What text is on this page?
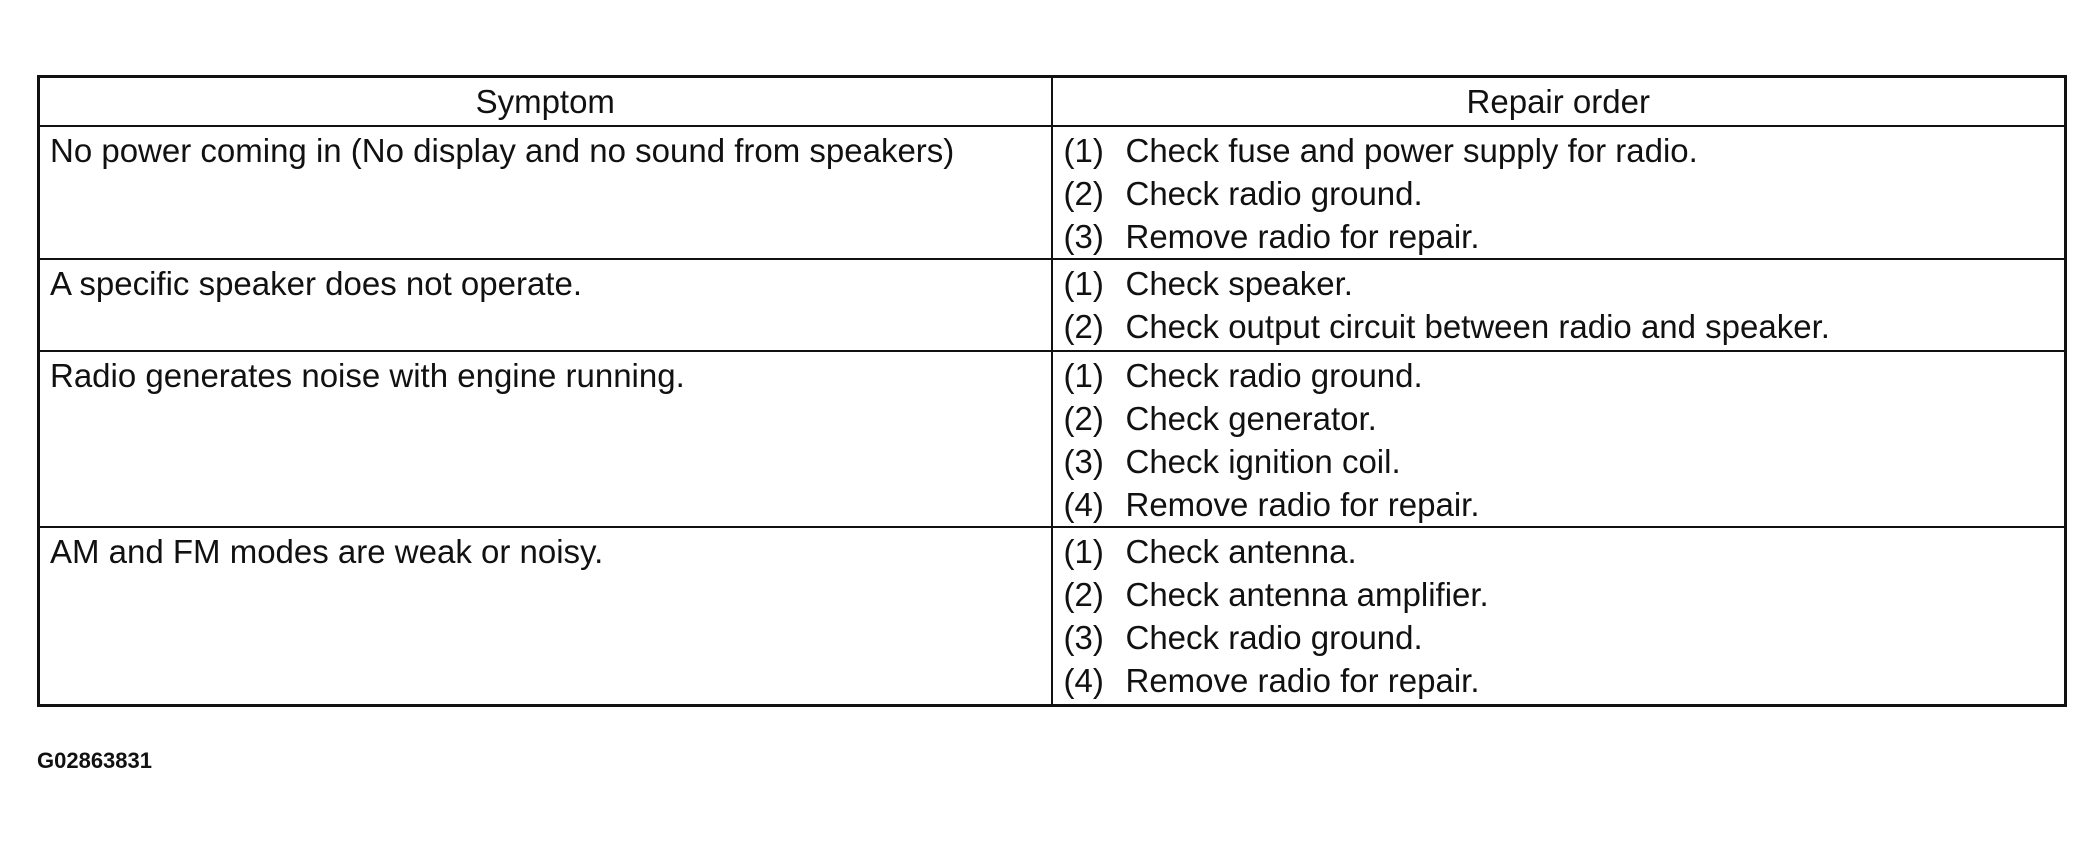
Symptom	Repair order
No power coming in (No display and no sound from speakers)	(1) Check fuse and power supply for radio.
(2) Check radio ground.
(3) Remove radio for repair.

A specific speaker does not operate.	(1) Check speaker.
(2) Check output circuit between radio and speaker.

Radio generates noise with engine running.	(1) Check radio ground.
(2) Check generator.
(3) Check ignition coil.
(4) Remove radio for repair.

AM and FM modes are weak or noisy.	(1) Check antenna.
(2) Check antenna amplifier.
(3) Check radio ground.
(4) Remove radio for repair.
G02863831
